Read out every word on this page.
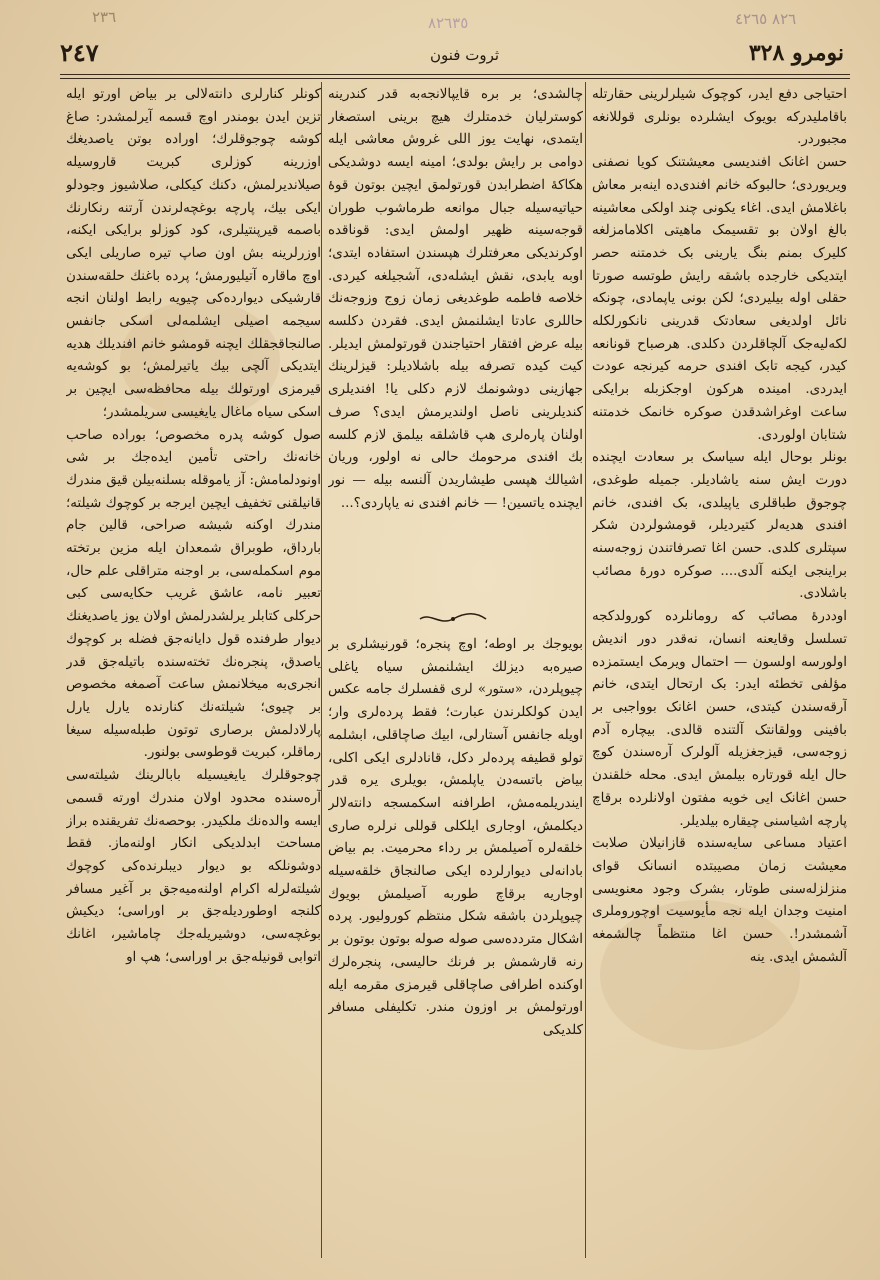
٢٣٦	٨٢٦٣٥	٨٢٦ ٤٢٦٥
٢٤٧	ثروت فنون	نومرو ٣٢٨

احتیاجی دفع ایدر، کوچوک شیلرلرینی حقارتله باقاملیدرکه بویوک ایشلرده بونلری قوللانغه مجبوردر.

حسن اغانک افندیسی معیشتنک کویا نصفنی ویریوردی؛ حالبوکه خانم افندی‌ده اینه‌بر معاش باغلامش ایدی. اغاء یکونی چند اولکی معاشینه بالغ اولان بو تقسیمک ماهیتی اکلامامزلغه کلیرک بمنم بنگ یارینی بک خدمتنه حصر ایتدیکی خارجده باشقه رایش طوتسه صورتا حقلی اوله بیلیردی؛ لکن بونی یاپمادی، چونکه نائل اولدیغی سعادتک قدرینی نانکورلکله لکه‌لیه‌جک آلچاقلردن دکلدی. هرصباح قونانعه کیدر، کیجه تابک افندی حرمه کیرنجه عودت ایدردی. امینده هرکون اوجکزبله برایکی ساعت اوغراشدقدن صوکره خانمک خدمتنه شتابان اولوردی.

بونلر بوحال ایله سیاسک بر سعادت ایچنده دورت ایش سنه یاشادیلر. جمیله طوغدی، چوجوق طباقلری یاپیلدی، بک افندی، خانم افندی هدیه‌لر کتیردیلر، قومشولردن شکر سپتلری کلدی. حسن اغا تصرفاتندن زوجه‌سنه براینجی ایکنه آلدی.... صوکره دورۀ مصائب باشلادی.

اوددرۀ مصائب که رومانلرده کورولدکجه تسلسل وقایعنه انسان، نه‌قدر دور اندیش اولورسه اولسون — احتمال ویرمک ایستمزده مؤلفی تخطئه ایدر: بک ارتحال ایتدی، خانم آرقه‌سندن کیتدی، حسن اغانک بوواجبی بر بافینی وولقانتک آلتنده قالدی. بیچاره آدم زوجه‌سی، قیزجغزیله آلولرک آرەسندن کوچ حال ایله قورتاره بیلمش ایدی. محله خلقندن حسن اغانک ایی خویه مفتون اولانلرده برقاچ پارچه اشیاسنی چیقاره بیلدیلر.

اعتیاد مساعی سایه‌سنده قازانیلان صلابت معیشت زمان مصیبتده انسانک قوای منزلزله‌سنی طوتار، بشرک وجود معنویسی امنیت وجدان ایله نجه مأیوسیت اوچوروملری آشمشدر!. حسن اغا منتظماً چالشمغه آلشمش ایدی. ینه

چالشدی؛ بر بره قایپالانجه‌به قدر کندرینه کوسترلیان خدمتلرك هیچ برینی استصغار ایتمدی، نهایت یوز اللی غروش معاشی ایله دوامی بر رایش بولدی؛ امینه ایسه دوشدیکی هکاکۀ اضطرابدن قورتولمق ایچین بوتون قوۀ حیاتیه‌سیله جبال موانعه طرماشوب طوران قوجه‌سینه ظهیر اولمش ایدی: قوناقده اوکرندیکی معرفتلرك هپسندن استفاده ایتدی؛ اوبه یابدی، نقش ایشله‌دی، آشجیلغه کیردی. خلاصه فاطمه طوغدیغی زمان زوج وزوجه‌نك حاللری عادتا ایشلنمش ایدی. فقردن دکلسه بیله عرض افتقار احتیاجندن قورتولمش ایدیلر. کیت کیده تصرفه بیله باشلادیلر: قیزلرینك جهازینی دوشونمك لازم دکلی یا! افندیلری کندیلرینی ناصل اولندیرمش ایدی؟ صرف اولنان پاره‌لری هپ قاشلقه بیلمق لازم کلسه بك افندی مرحومك حالی نه اولور، وریان اشیالك هپسی طیشاریدن آلنسه بیله — نور ایچنده یاتسین! — خانم افندی نه یاپاردی؟...

بویوجك بر اوطه؛ اوچ پنجره؛ قورنیشلری بر صیره‌به دیزلك ایشلنمش سیاه یاغلی چیوپلردن، «ستور» لری قفسلرك جامه عکس ایدن کولکلرندن عبارت؛ فقط پرده‌لری وار؛ اویله جانفس آستارلی، ابیك صاچاقلی، ابشلمه تولو قطیفه پرده‌لر دکل، قاناد‌لری ایکی اکلی، بیاض باتسه‌دن یاپلمش، بویلری یره قدر ایندریلمه‌مش، اطرافنه اسکمسجه دانته‌لالر دیکلمش، اوجاری ایلکلی قوللی نرلره صاری خلقه‌لره آصیلمش بر رداء محرمیت. بم بیاض بادانه‌لی دیوارلرده ایکی صالنجاق خلقه‌سیله اوجاریه برقاچ طوربه آصیلمش بویوك چیوپلردن باشقه شکل منتظم کورولیور. پرده اشکال متردده‌سی صوله صوله بوتون بوتون بر رنه قارشمش بر فرنك حالیسی، پنجره‌لرك اوکنده اطرافی صاچاقلی قیرمزی مقرمه ایله اورتولمش بر اوزون مندر. تکلیفلی مسافر کلدیکی

کونلر کنارلری دانته‌لالی بر بیاض اورتو ایله تزین ایدن بومندر اوچ قسمه آیرلمشدر: صاغ کوشه چوجوقلرك؛ اورادە بوتن یاصدیغك اوزرینه کوزلری کبریت قاروسیله صیلاندیرلمش، دکنك کیکلی، صلاشیوز وجودلو ایکی بیك، پارچه بوغچه‌لرندن آرتنه رنکارنك باصمه قیرپنتیلری، کود کوزلو برایکی ایکنه، اوزرلرینه بش اون صاپ تیره صاریلی ایکی اوچ ماقاره آتیلیورمش؛ پرده باغنك حلقه‌سندن قارشیکی دیوارده‌کی چیویه رابط اولنان انجه سیجمه اصیلی ایشلمه‌لی اسکی جانفس صالنجاقجقلك ایچنه قومشو خانم افندیلك هدیه ایتدیکی آلچی بیك یاتیرلمش؛ بو کوشه‌یه قیرمزی اورتولك بیله محافظه‌سی ایچین بر اسکی سیاه ماغال یایغیسی سریلمشدر؛

صول کوشه پدره مخصوص؛ بوراده صاحب خانه‌نك راحتی تأمین ایده‌جك بر شی اونودلمامش: آز یاموقله بسلنه‌بیلن قیق مندرك قانیلقنی تخفیف ایچین ایرجه بر کوچوك شیلته؛ مندرك اوکنه شیشه صراحی، قالین جام بارداق، طوبراق شمعدان ایله مزین برتخته موم اسکمله‌سی، بر اوجنه متراقلی علم حال، تعبیر نامه، عاشق غریب حکایه‌سی کبی حرکلی کتابلر یرلشدرلمش اولان یوز یاصدیغنك دیوار طرفنده قول دایانه‌جق فضله بر کوچوك یاصدق، پنجره‌نك تخته‌سنده باتیله‌جق قدر انجری‌به میخلانمش ساعت آصمغه مخصوص بر چیوی؛ شیلته‌نك کنارنده یارل یارل پارلادلمش برصاری توتون طبله‌سیله سیغا رماقلر، کبریت قوطوسی بولنور.

چوجوقلرك یایغیسیله بابالرینك شیلته‌سی آرەسنده محدود اولان مندرك اورته قسمی ایسه والده‌نك ملکیدر. بوحصه‌نك تفریقنده براز مساحت ابدلدیکی انکار اولنه‌ماز. فقط دوشونلکه بو دیوار دیبلرنده‌کی کوچوك شیلته‌لرله اکرام اولنه‌میه‌جق بر آغیر مسافر کلنجه اوطوردیله‌جق بر اوراسی؛ دیکیش بوغچه‌سی، دوشیریله‌جك چاماشیر، اغانك اتوابی قونیله‌جق بر اوراسی؛ هپ او
